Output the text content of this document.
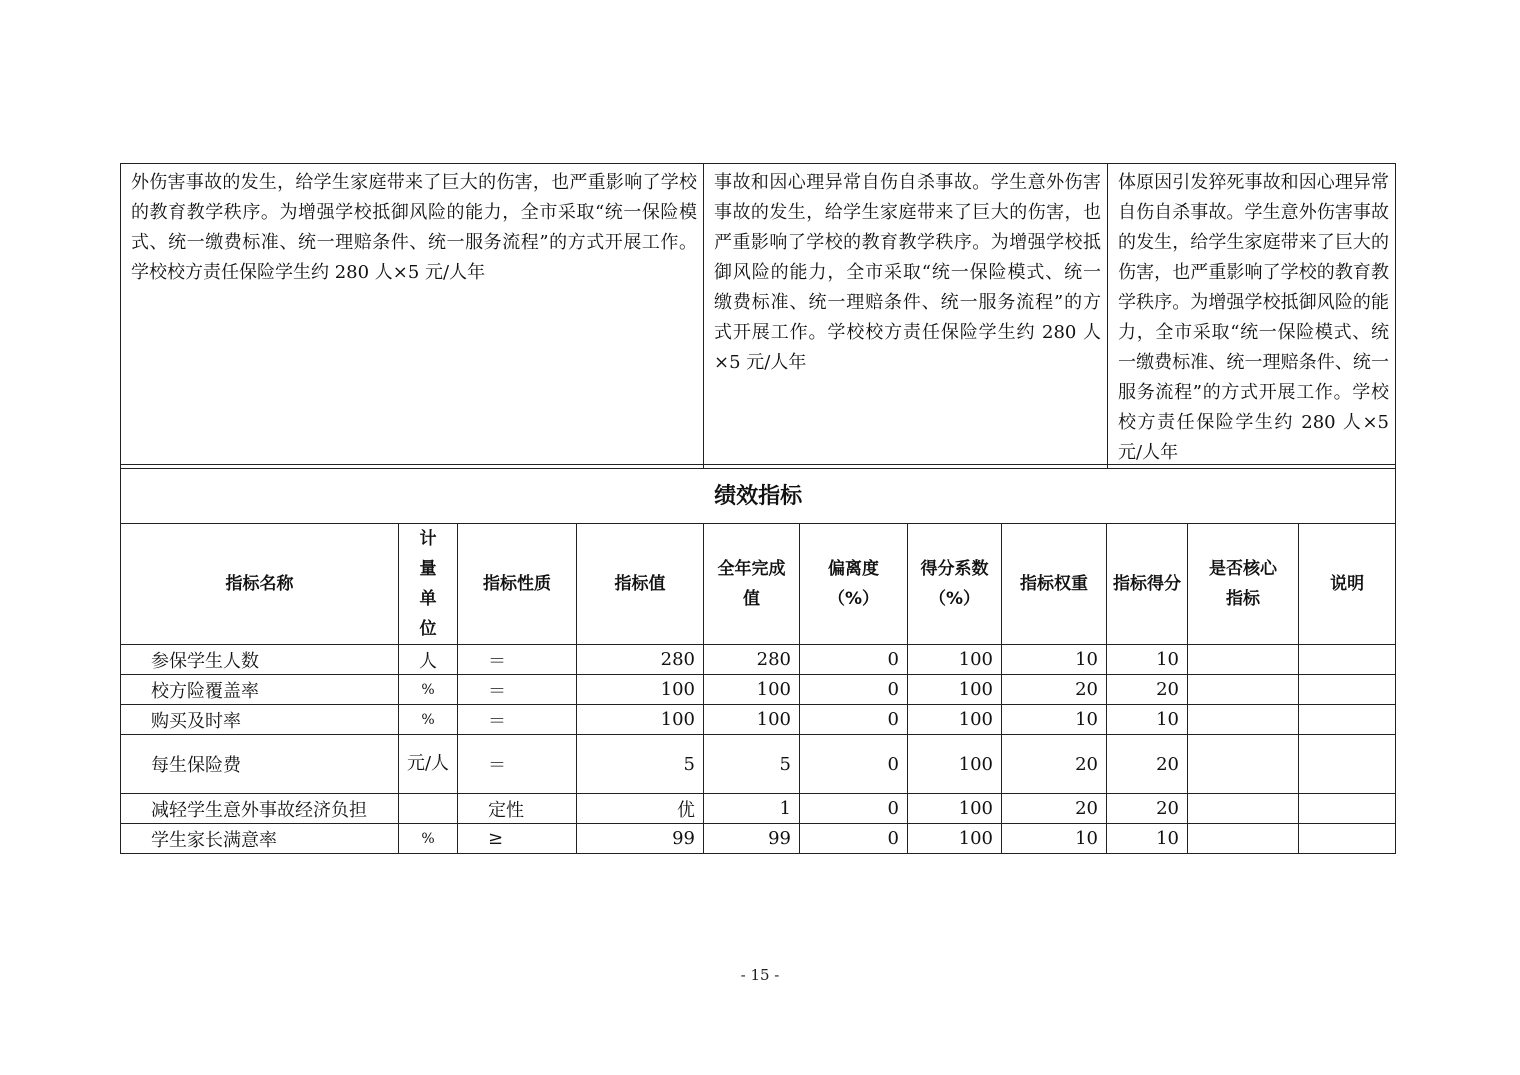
外伤害事故的发生，给学生家庭带来了巨大的伤害，也严重影响了学校的教育教学秩序。为增强学校抵御风险的能力，全市采取“统一保险模式、统一缴费标准、统一理赔条件、统一服务流程”的方式开展工作。学校校方责任保险学生约 280 人×5 元/人年	事故和因心理异常自伤自杀事故。学生意外伤害事故的发生，给学生家庭带来了巨大的伤害，也严重影响了学校的教育教学秩序。为增强学校抵御风险的能力，全市采取“统一保险模式、统一缴费标准、统一理赔条件、统一服务流程”的方式开展工作。学校校方责任保险学生约 280 人×5 元/人年	体原因引发猝死事故和因心理异常自伤自杀事故。学生意外伤害事故的发生，给学生家庭带来了巨大的伤害，也严重影响了学校的教育教学秩序。为增强学校抵御风险的能力，全市采取“统一保险模式、统一缴费标准、统一理赔条件、统一服务流程”的方式开展工作。学校校方责任保险学生约 280 人×5 元/人年
绩效指标										
指标名称	计量单位	指标性质	指标值	全年完成值	偏离度（%）	得分系数（%）	指标权重	指标得分	是否核心指标	说明
参保学生人数	人	＝	280	280	0	100	10	10		
校方险覆盖率	%	＝	100	100	0	100	20	20		
购买及时率	%	＝	100	100	0	100	10	10		
每生保险费	元/人	＝	5	5	0	100	20	20		
减轻学生意外事故经济负担		定性	优	1	0	100	20	20		
学生家长满意率	%	≥	99	99	0	100	10	10		
- 15 -
